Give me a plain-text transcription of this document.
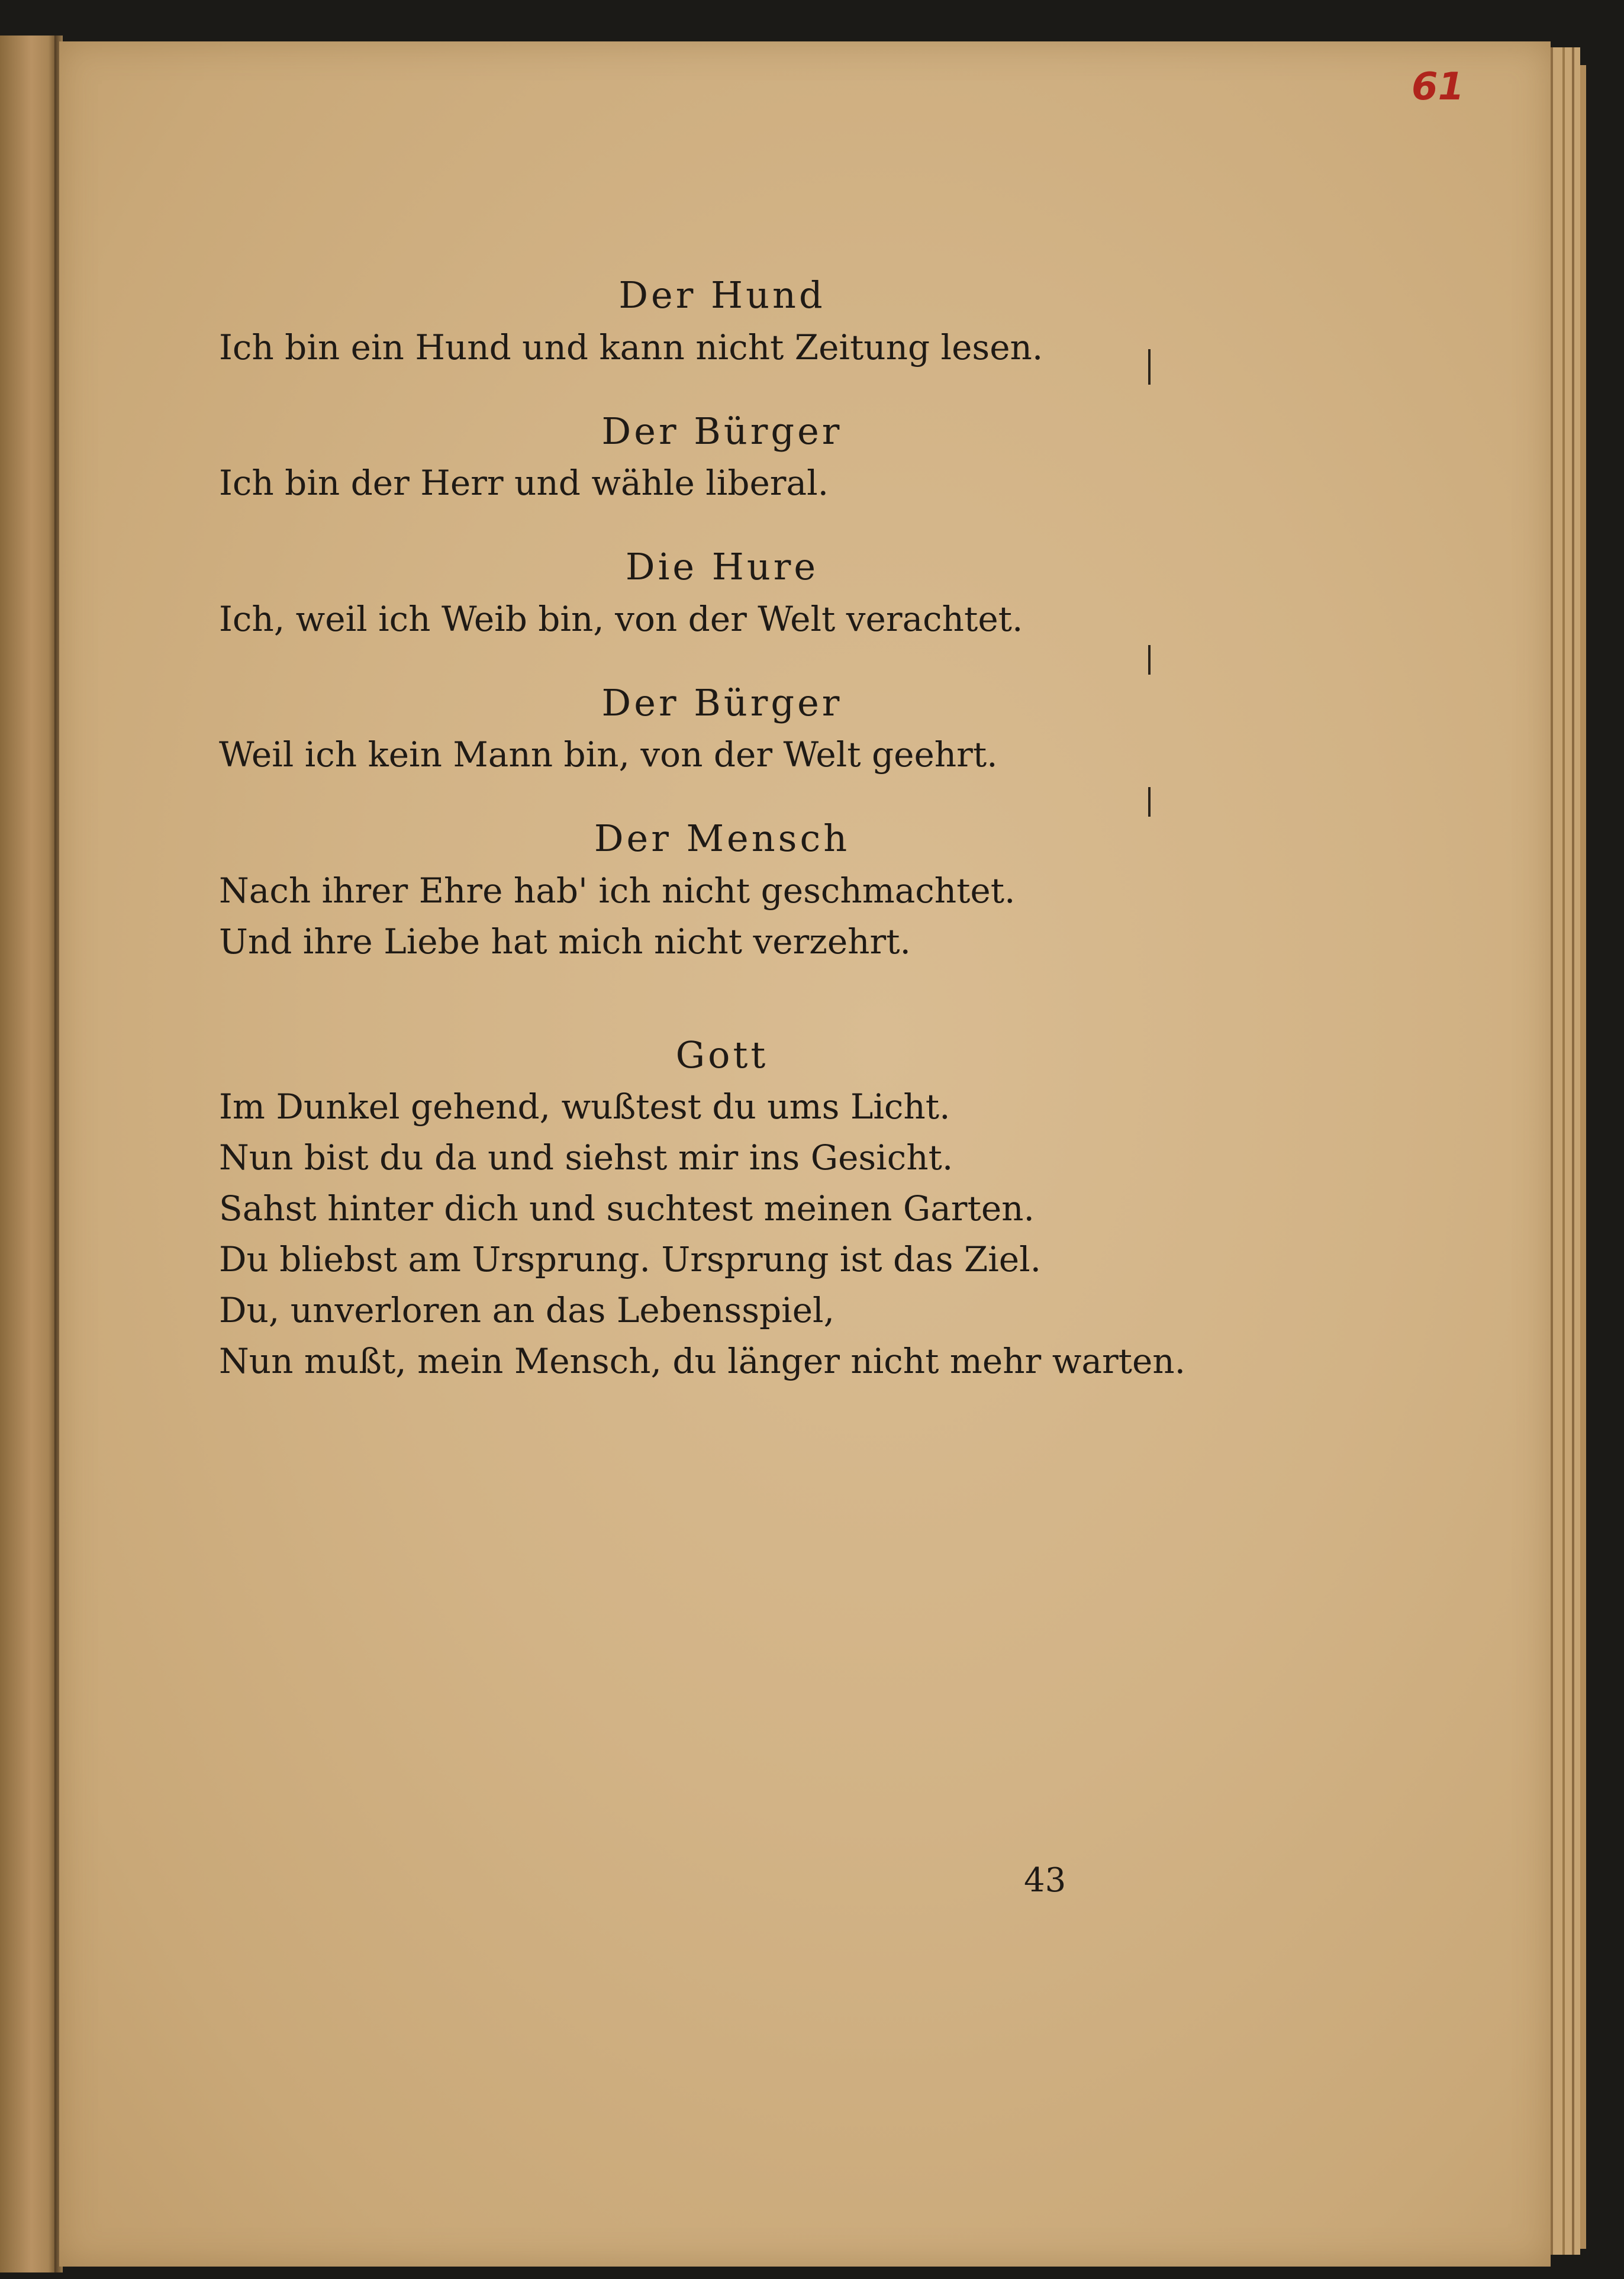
61

Der Hund

Ich bin ein Hund und kann nicht Zeitung lesen.

Der Bürger

Ich bin der Herr und wähle liberal.

Die Hure

Ich, weil ich Weib bin, von der Welt verachtet.

Der Bürger

Weil ich kein Mann bin, von der Welt geehrt.

Der Mensch

Nach ihrer Ehre hab' ich nicht geschmachtet.

Und ihre Liebe hat mich nicht verzehrt.

Gott

Im Dunkel gehend, wußtest du ums Licht.

Nun bist du da und siehst mir ins Gesicht.

Sahst hinter dich und suchtest meinen Garten.

Du bliebst am Ursprung. Ursprung ist das Ziel.

Du, unverloren an das Lebensspiel,

Nun mußt, mein Mensch, du länger nicht mehr warten.

43
